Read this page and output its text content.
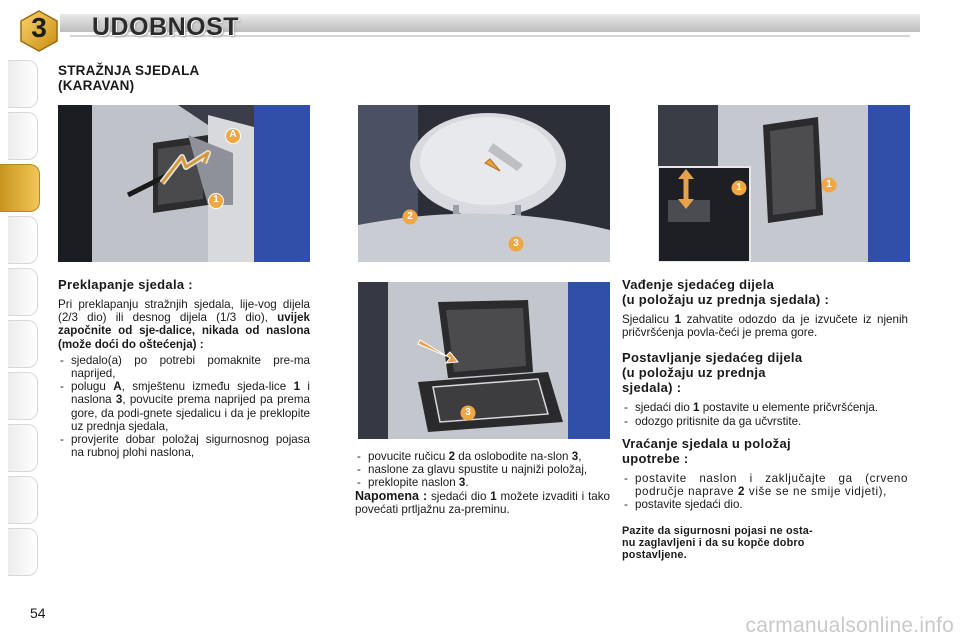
3	UDOBNOST
STRAŽNJA SJEDALA
(KARAVAN)
A
1
2
3
1	1
3
Preklapanje sjedala :

Pri preklapanju stražnjih sjedala, lije-vog dijela (2/3 dio) ili desnog dijela (1/3 dio), uvijek započnite od sje-dalice, nikada od naslona (može doći do oštećenja) :

- sjedalo(a) po potrebi pomaknite pre-ma naprijed,
- polugu A, smještenu između sjeda-lice 1 i naslona 3, povucite prema naprijed pa prema gore, da podi-gnete sjedalicu i da je preklopite uz prednja sjedala,
- provjerite dobar položaj sigurnosnog pojasa na rubnoj plohi naslona,
-	povucite ručicu 2 da oslobodite na-slon 3,
- naslone za glavu spustite u najniži položaj,
- preklopite naslon 3.

Napomena : sjedaći dio 1 možete izvaditi i tako povećati prtljažnu za-preminu.

Vađenje sjedaćeg dijela
(u položaju uz prednja sjedala) :

Sjedalicu 1 zahvatite odozdo da je izvučete iz njenih pričvršćenja povla-čeći je prema gore.

Postavljanje sjedaćeg dijela
(u položaju uz prednja
sjedala) :
- sjedaći dio 1 postavite u elemente pričvršćenja.
- odozgo pritisnite da ga učvrstite.
Vraćanje sjedala u položaj
upotrebe :
- postavite naslon i zaključajte ga (crveno područje naprave 2 više se ne smije vidjeti),
- postavite sjedaći dio.
Pazite da sigurnosni pojasi ne osta-
nu zaglavljeni i da su kopče dobro
postavljene.
54
carmanualsonline.info
